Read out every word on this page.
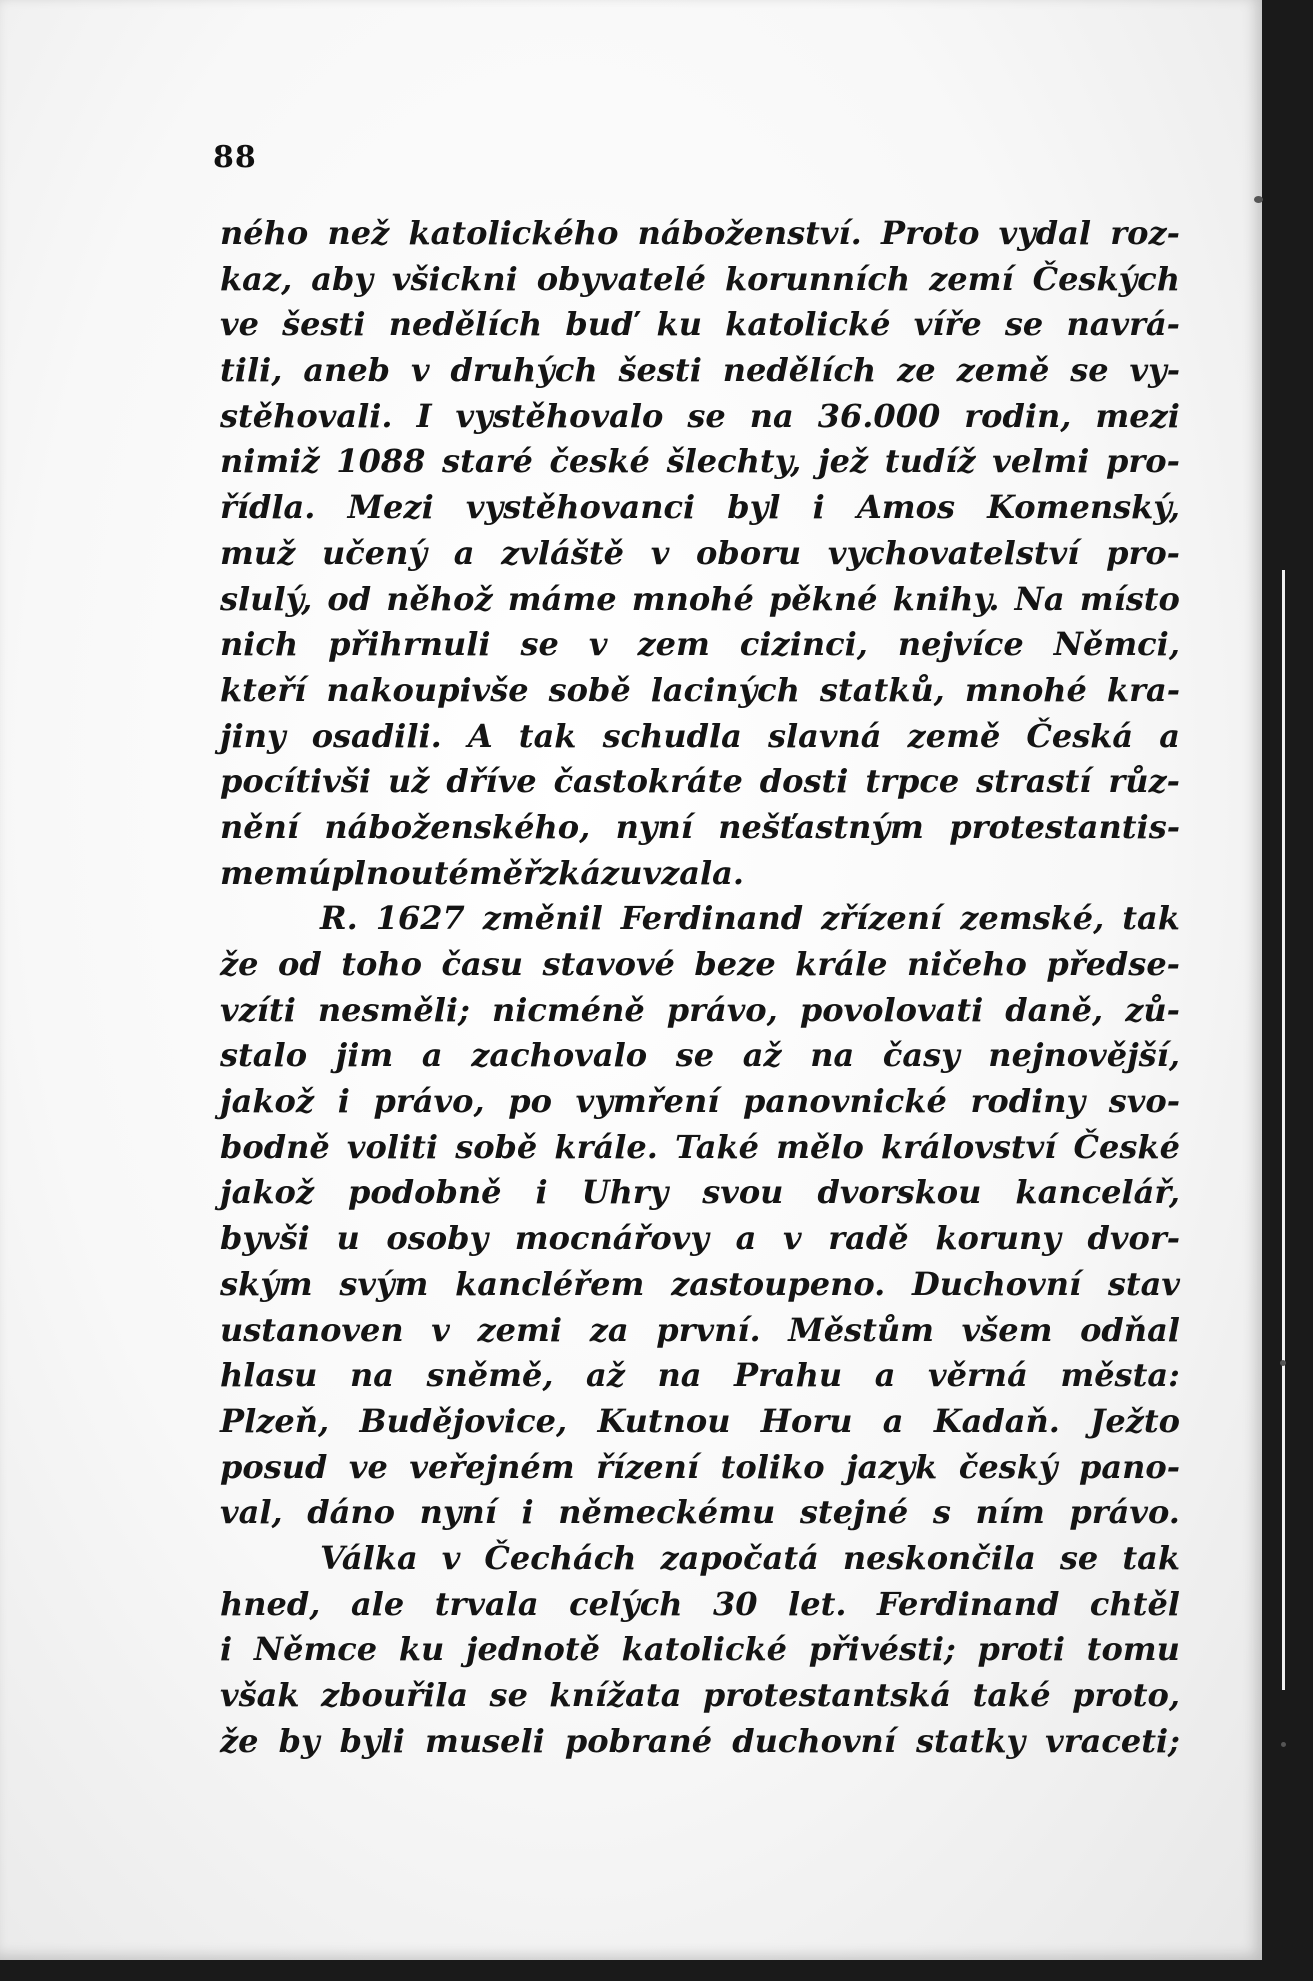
88
ného než katolického náboženství. Proto vydal roz-
kaz, aby všickni obyvatelé korunních zemí Českých
ve šesti nedělích buď ku katolické víře se navrá-
tili, aneb v druhých šesti nedělích ze země se vy-
stěhovali. I vystěhovalo se na 36.000 rodin, mezi
nimiž 1088 staré české šlechty, jež tudíž velmi pro-
řídla. Mezi vystěhovanci byl i Amos Komenský,
muž učený a zvláště v oboru vychovatelství pro-
slulý, od něhož máme mnohé pěkné knihy. Na místo
nich přihrnuli se v zem cizinci, nejvíce Němci,
kteří nakoupivše sobě laciných statků, mnohé kra-
jiny osadili. A tak schudla slavná země Česká a
pocítivši už dříve častokráte dosti trpce strastí růz-
nění náboženského, nyní nešťastným protestantis-
mem úplnou téměř zkázu vzala.
R. 1627 změnil Ferdinand zřízení zemské, tak
že od toho času stavové beze krále ničeho předse-
vzíti nesměli; nicméně právo, povolovati daně, zů-
stalo jim a zachovalo se až na časy nejnovější,
jakož i právo, po vymření panovnické rodiny svo-
bodně voliti sobě krále. Také mělo království České
jakož podobně i Uhry svou dvorskou kancelář,
byvši u osoby mocnářovy a v radě koruny dvor-
ským svým kancléřem zastoupeno. Duchovní stav
ustanoven v zemi za první. Městům všem odňal
hlasu na sněmě, až na Prahu a věrná města:
Plzeň, Budějovice, Kutnou Horu a Kadaň. Ježto
posud ve veřejném řízení toliko jazyk český pano-
val, dáno nyní i německému stejné s ním právo.
Válka v Čechách započatá neskončila se tak
hned, ale trvala celých 30 let. Ferdinand chtěl
i Němce ku jednotě katolické přivésti; proti tomu
však zbouřila se knížata protestantská také proto,
že by byli museli pobrané duchovní statky vraceti;
